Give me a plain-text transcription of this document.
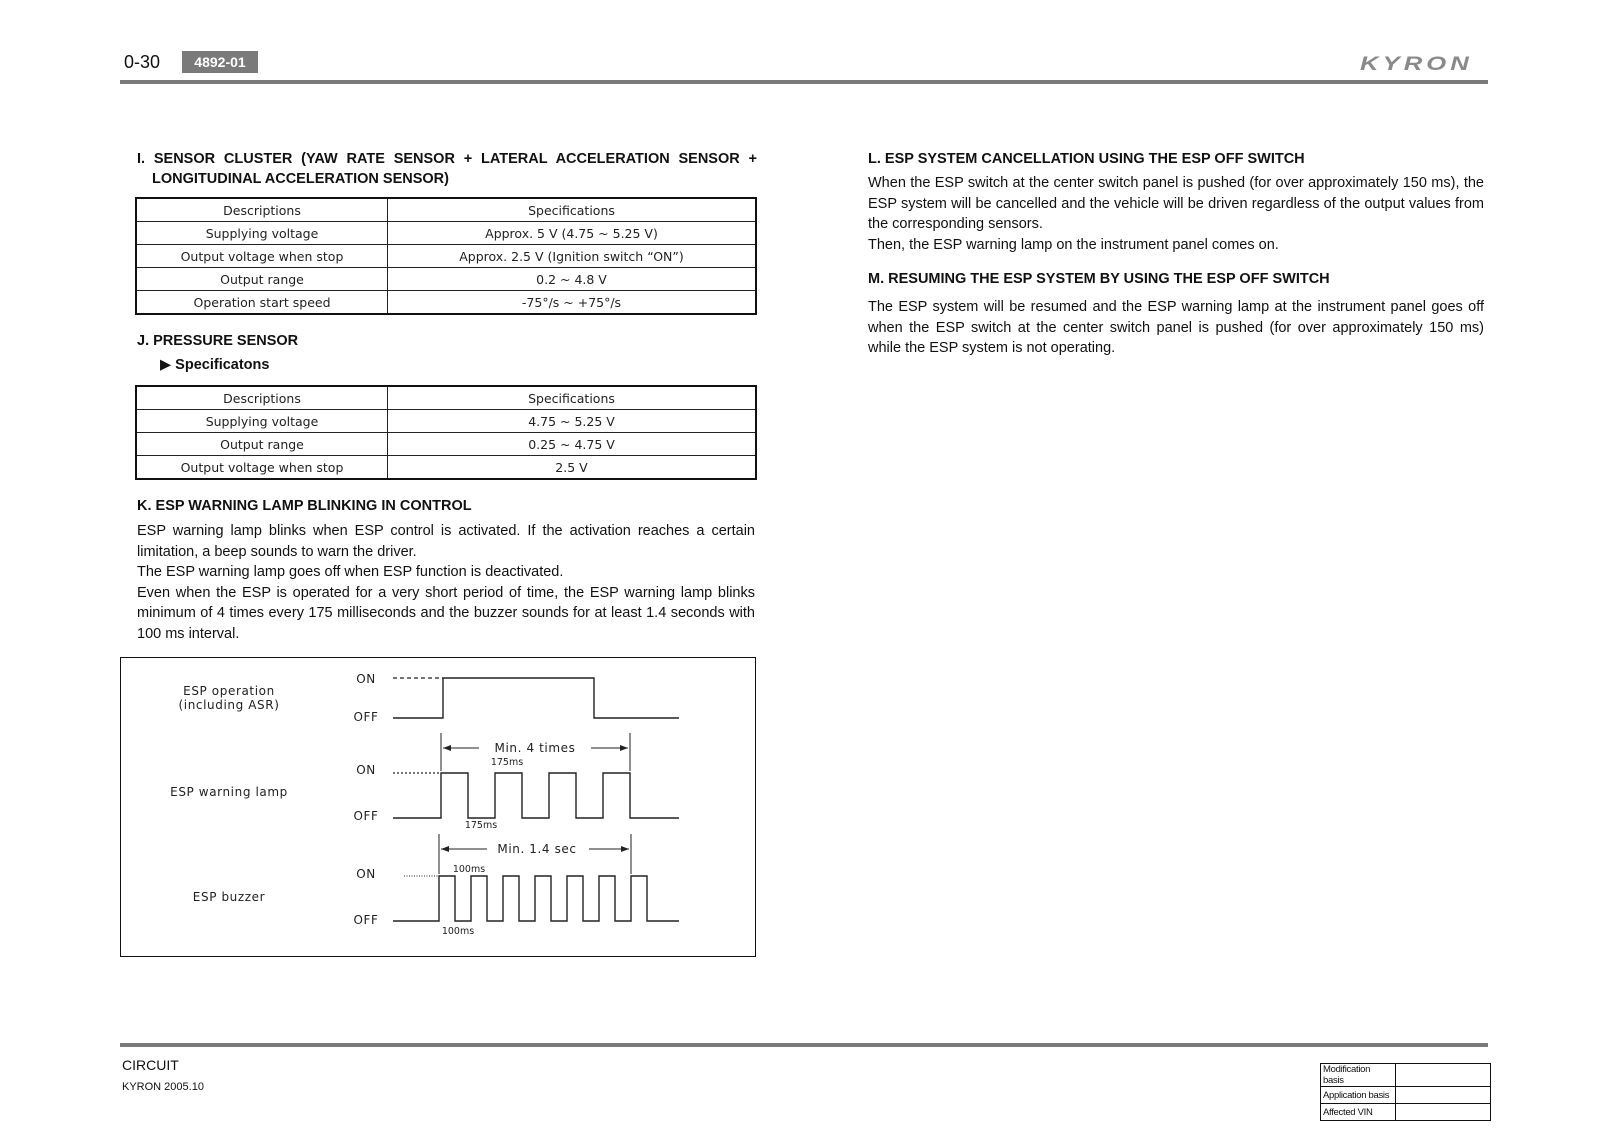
0-30	4892-01	KYRON
I. SENSOR CLUSTER (YAW RATE SENSOR + LATERAL ACCELERATION SENSOR +
LONGITUDINAL ACCELERATION SENSOR)
Descriptions	Specifications
Supplying voltage	Approx. 5 V (4.75 ~ 5.25 V)
Output voltage when stop	Approx. 2.5 V (Ignition switch “ON”)
Output range	0.2 ~ 4.8 V
Operation start speed	-75°/s ~ +75°/s
J. PRESSURE SENSOR
▶ Specificatons
Descriptions	Specifications
Supplying voltage	4.75 ~ 5.25 V
Output range	0.25 ~ 4.75 V
Output voltage when stop	2.5 V
K. ESP WARNING LAMP BLINKING IN CONTROL

ESP warning lamp blinks when ESP control is activated. If the activation reaches a certain limitation, a beep sounds to warn the driver.

The ESP warning lamp goes off when ESP function is deactivated.

Even when the ESP is operated for a very short period of time, the ESP warning lamp blinks minimum of 4 times every 175 milliseconds and the buzzer sounds for at least 1.4 seconds with 100 ms interval.

ESP operation
(including ASR)
ON
OFF
ESP warning lamp
ON
OFF
Min. 4 times
175ms
175ms
ESP buzzer
ON
OFF
Min. 1.4 sec
100ms
100ms
L. ESP SYSTEM CANCELLATION USING THE ESP OFF SWITCH

When the ESP switch at the center switch panel is pushed (for over approximately 150 ms), the ESP system will be cancelled and the vehicle will be driven regardless of the output values from the corresponding sensors.

Then, the ESP warning lamp on the instrument panel comes on.

M. RESUMING THE ESP SYSTEM BY USING THE ESP OFF SWITCH

The ESP system will be resumed and the ESP warning lamp at the instrument panel goes off when the ESP switch at the center switch panel is pushed (for over approximately 150 ms) while the ESP system is not operating.

CIRCUIT
KYRON 2005.10
Modification basis	
Application basis	
Affected VIN	
